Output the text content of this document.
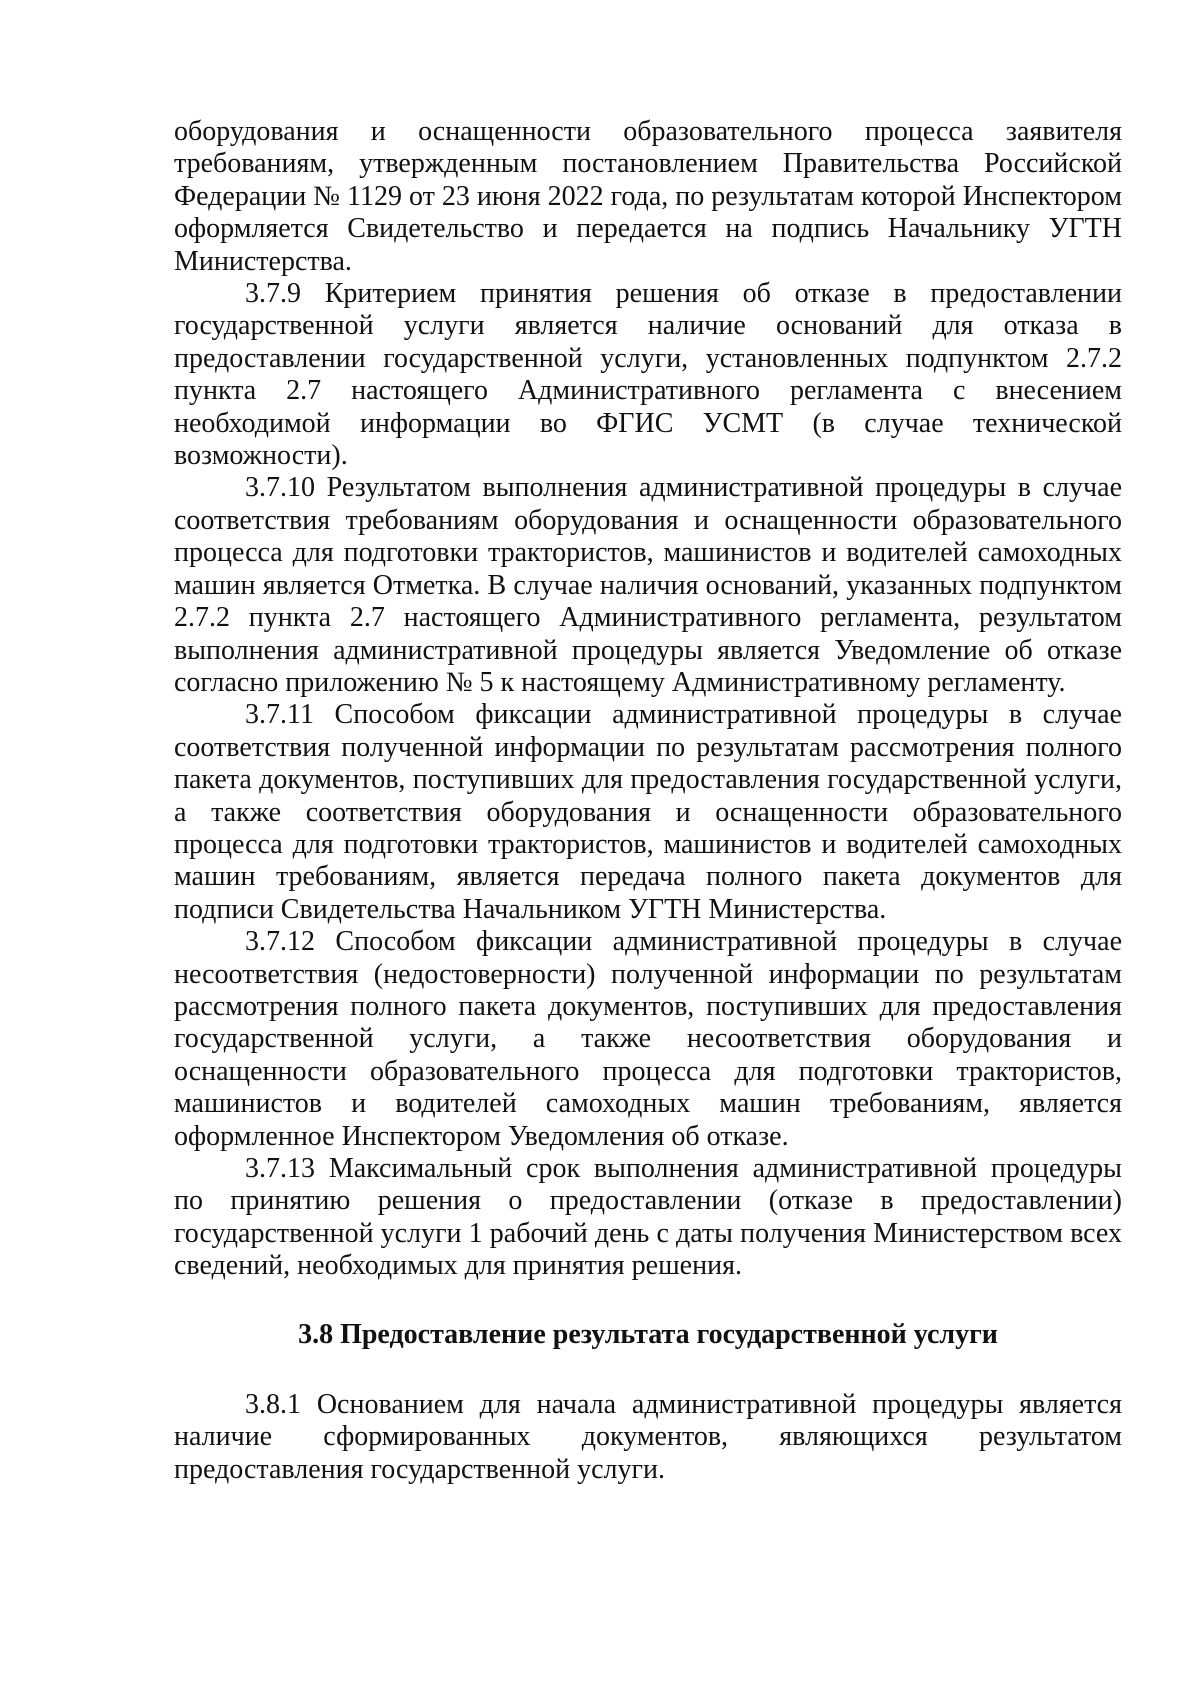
оборудования и оснащенности образовательного процесса заявителя требованиям, утвержденным постановлением Правительства Российской Федерации № 1129 от 23 июня 2022 года, по результатам которой Инспектором оформляется Свидетельство и передается на подпись Начальнику УГТН Министерства.

3.7.9 Критерием принятия решения об отказе в предоставлении государственной услуги является наличие оснований для отказа в предоставлении государственной услуги, установленных подпунктом 2.7.2 пункта 2.7 настоящего Административного регламента с внесением необходимой информации во ФГИС УСМТ (в случае технической возможности).

3.7.10 Результатом выполнения административной процедуры в случае соответствия требованиям оборудования и оснащенности образовательного процесса для подготовки трактористов, машинистов и водителей самоходных машин является Отметка. В случае наличия оснований, указанных подпунктом 2.7.2 пункта 2.7 настоящего Административного регламента, результатом выполнения административной процедуры является Уведомление об отказе согласно приложению № 5 к настоящему Административному регламенту.

3.7.11 Способом фиксации административной процедуры в случае соответствия полученной информации по результатам рассмотрения полного пакета документов, поступивших для предоставления государственной услуги, а также соответствия оборудования и оснащенности образовательного процесса для подготовки трактористов, машинистов и водителей самоходных машин требованиям, является передача полного пакета документов для подписи Свидетельства Начальником УГТН Министерства.

3.7.12 Способом фиксации административной процедуры в случае несоответствия (недостоверности) полученной информации по результатам рассмотрения полного пакета документов, поступивших для предоставления государственной услуги, а также несоответствия оборудования и оснащенности образовательного процесса для подготовки трактористов, машинистов и водителей самоходных машин требованиям, является оформленное Инспектором Уведомления об отказе.

3.7.13 Максимальный срок выполнения административной процедуры по принятию решения о предоставлении (отказе в предоставлении) государственной услуги 1 рабочий день с даты получения Министерством всех сведений, необходимых для принятия решения.

3.8 Предоставление результата государственной услуги

3.8.1 Основанием для начала административной процедуры является наличие сформированных документов, являющихся результатом предоставления государственной услуги.
